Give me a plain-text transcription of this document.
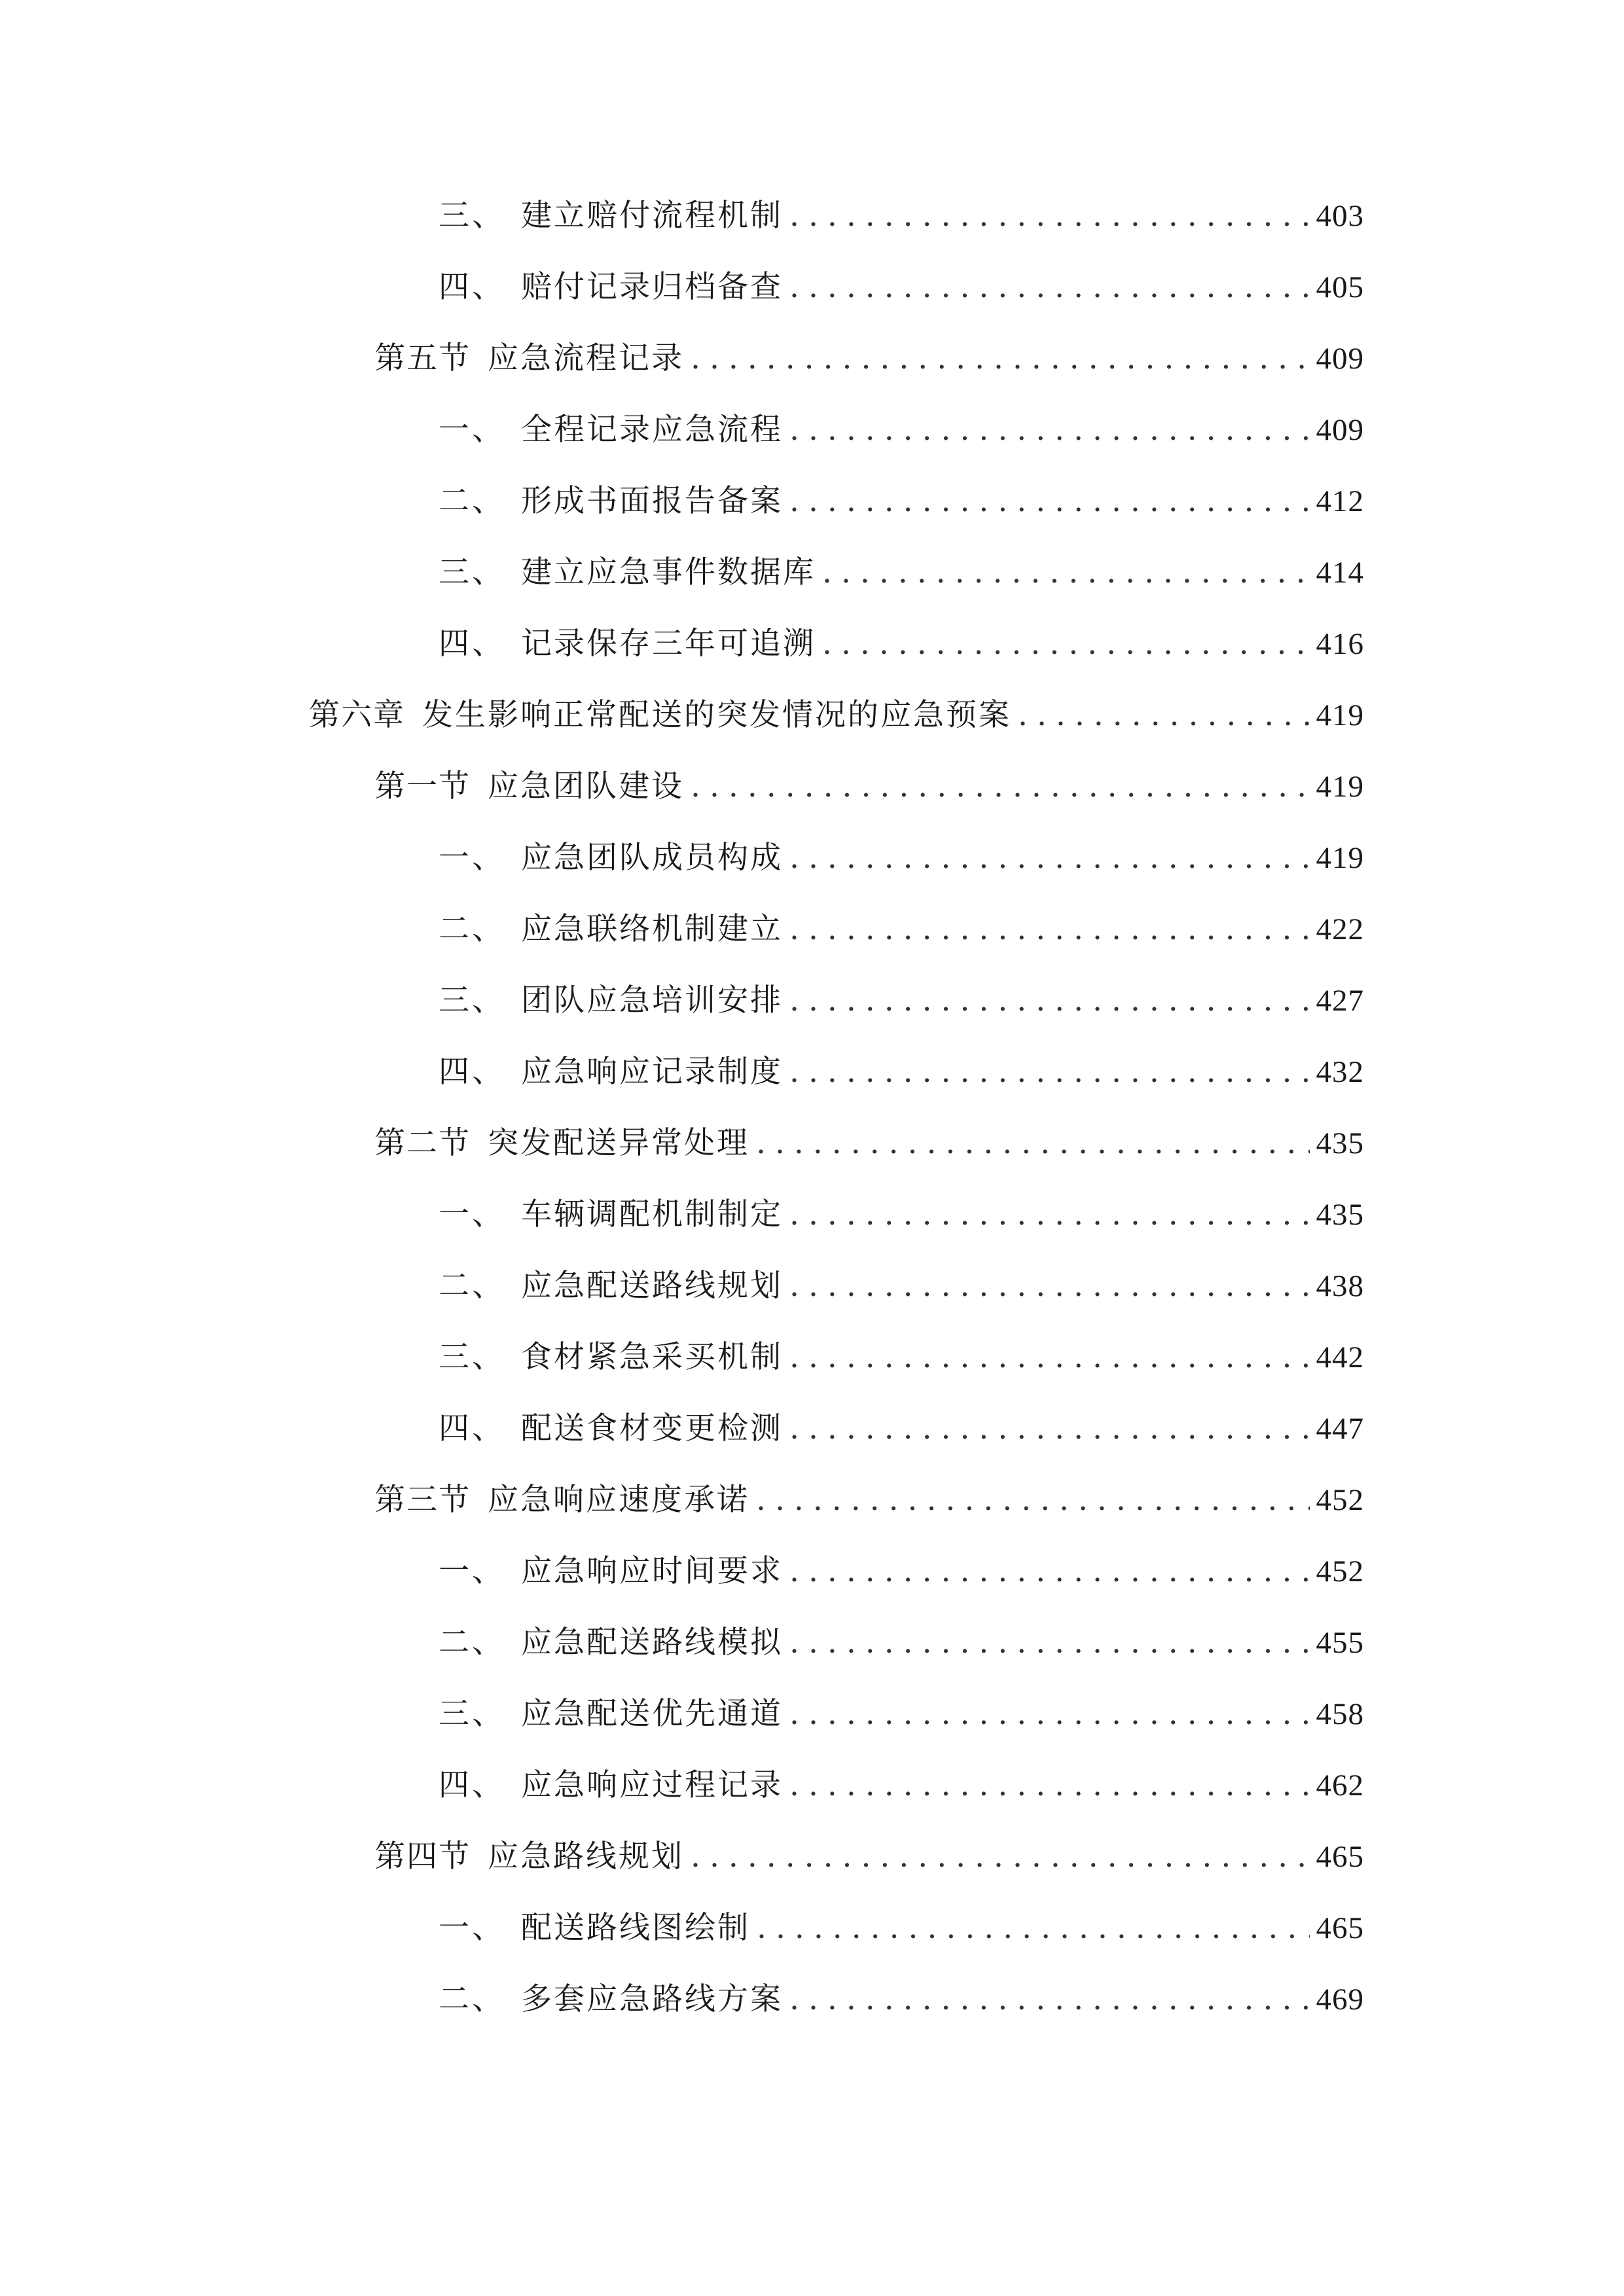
三、 建立赔付流程机制 .....	403
四、 赔付记录归档备查 .....	405
第五节 应急流程记录 .....	409
一、 全程记录应急流程 .....	409
二、 形成书面报告备案 .....	412
三、 建立应急事件数据库 .....	414
四、 记录保存三年可追溯 .....	416
第六章 发生影响正常配送的突发情况的应急预案 .....	419
第一节 应急团队建设 .....	419
一、 应急团队成员构成 .....	419
二、 应急联络机制建立 .....	422
三、 团队应急培训安排 .....	427
四、 应急响应记录制度 .....	432
第二节 突发配送异常处理 .....	435
一、 车辆调配机制制定 .....	435
二、 应急配送路线规划 .....	438
三、 食材紧急采买机制 .....	442
四、 配送食材变更检测 .....	447
第三节 应急响应速度承诺 .....	452
一、 应急响应时间要求 .....	452
二、 应急配送路线模拟 .....	455
三、 应急配送优先通道 .....	458
四、 应急响应过程记录 .....	462
第四节 应急路线规划 .....	465
一、 配送路线图绘制 .....	465
二、 多套应急路线方案 .....	469
